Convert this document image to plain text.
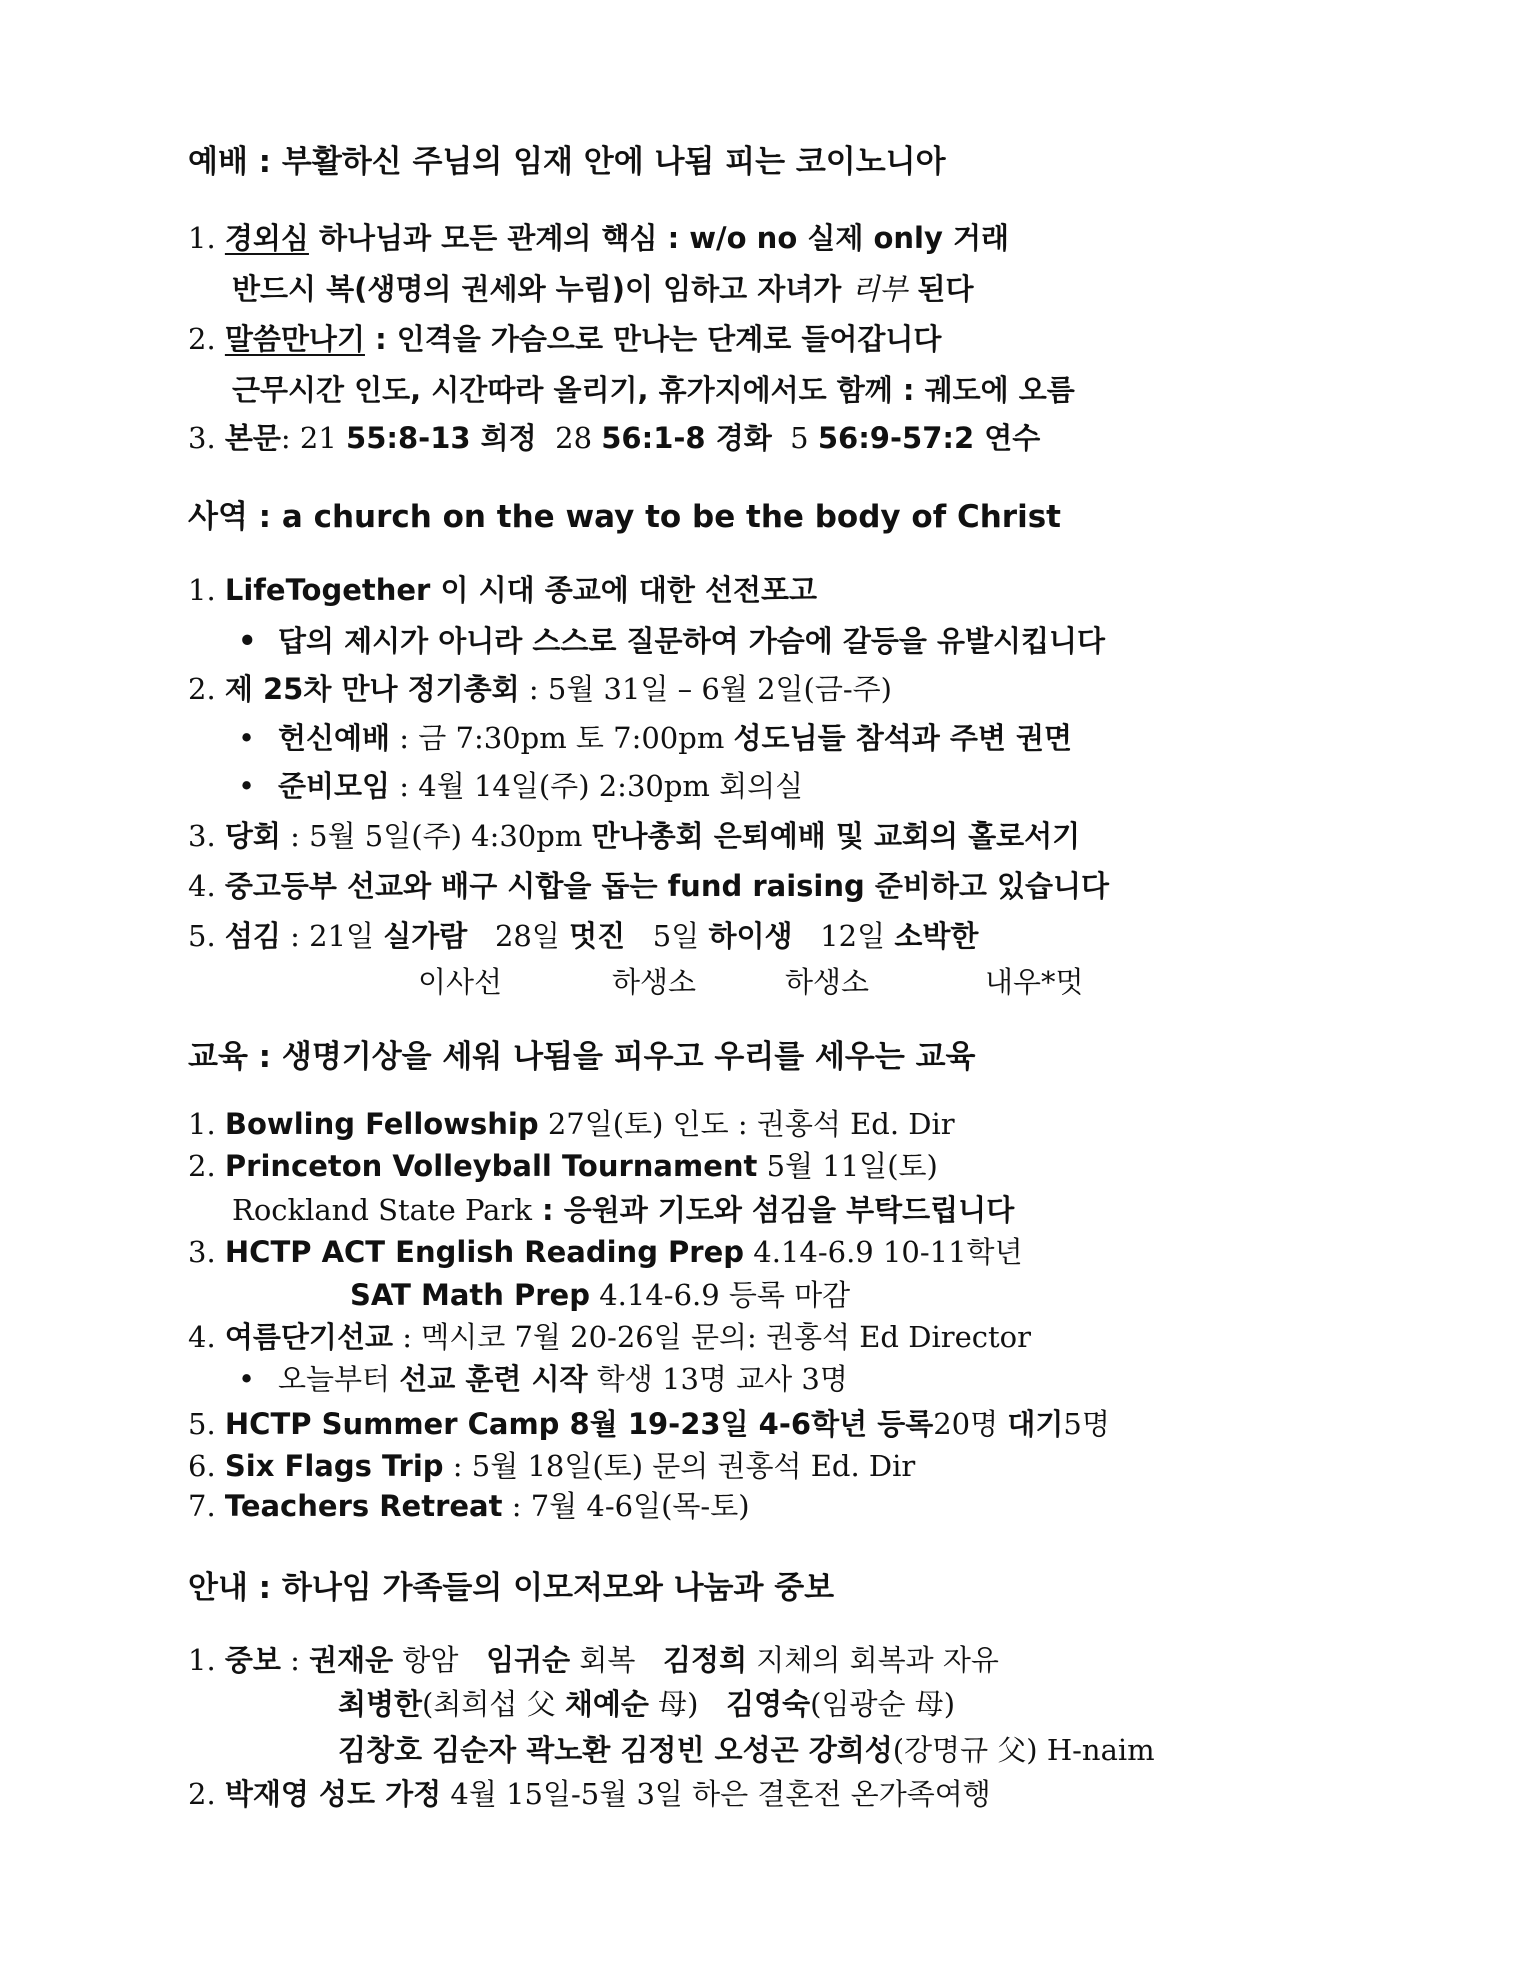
예배 : 부활하신 주님의 임재 안에 나됨 피는 코이노니아
1. 경외심 하나님과 모든 관계의 핵심 : w/o no 실제 only 거래
반드시 복(생명의 권세와 누림)이 임하고 자녀가 리부 된다
2. 말씀만나기 : 인격을 가슴으로 만나는 단계로 들어갑니다
근무시간 인도, 시간따라 올리기, 휴가지에서도 함께 : 궤도에 오름
3. 본문: 21 55:8-13 희정  28 56:1-8 경화  5 56:9-57:2 연수
사역 : a church on the way to be the body of Christ
1. LifeTogether 이 시대 종교에 대한 선전포고
• 답의 제시가 아니라 스스로 질문하여 가슴에 갈등을 유발시킵니다
2. 제 25차 만나 정기총회 : 5월 31일 – 6월 2일(금-주)
• 헌신예배 : 금 7:30pm 토 7:00pm 성도님들 참석과 주변 권면
• 준비모임 : 4월 14일(주) 2:30pm 회의실
3. 당회 : 5월 5일(주) 4:30pm 만나총회 은퇴예배 및 교회의 홀로서기
4. 중고등부 선교와 배구 시합을 돕는 fund raising 준비하고 있습니다
5. 섬김 : 21일 실가람   28일 멋진   5일 하이생   12일 소박한
이사선	하생소	하생소	내우*멋
교육 : 생명기상을 세워 나됨을 피우고 우리를 세우는 교육
1. Bowling Fellowship 27일(토) 인도 : 권홍석 Ed. Dir
2. Princeton Volleyball Tournament 5월 11일(토)
Rockland State Park : 응원과 기도와 섬김을 부탁드립니다
3. HCTP ACT English Reading Prep 4.14-6.9 10-11학년
SAT Math Prep 4.14-6.9 등록 마감
4. 여름단기선교 : 멕시코 7월 20-26일 문의: 권홍석 Ed Director
• 오늘부터 선교 훈련 시작 학생 13명 교사 3명
5. HCTP Summer Camp 8월 19-23일 4-6학년 등록20명 대기5명
6. Six Flags Trip : 5월 18일(토) 문의 권홍석 Ed. Dir
7. Teachers Retreat : 7월 4-6일(목-토)
안내 : 하나임 가족들의 이모저모와 나눔과 중보
1. 중보 : 권재운 항암   임귀순 회복   김정희 지체의 회복과 자유
최병한(최희섭 父 채예순 母)   김영숙(임광순 母)
김창호 김순자 곽노환 김정빈 오성곤 강희성(강명규 父) H-naim
2. 박재영 성도 가정 4월 15일-5월 3일 하은 결혼전 온가족여행
